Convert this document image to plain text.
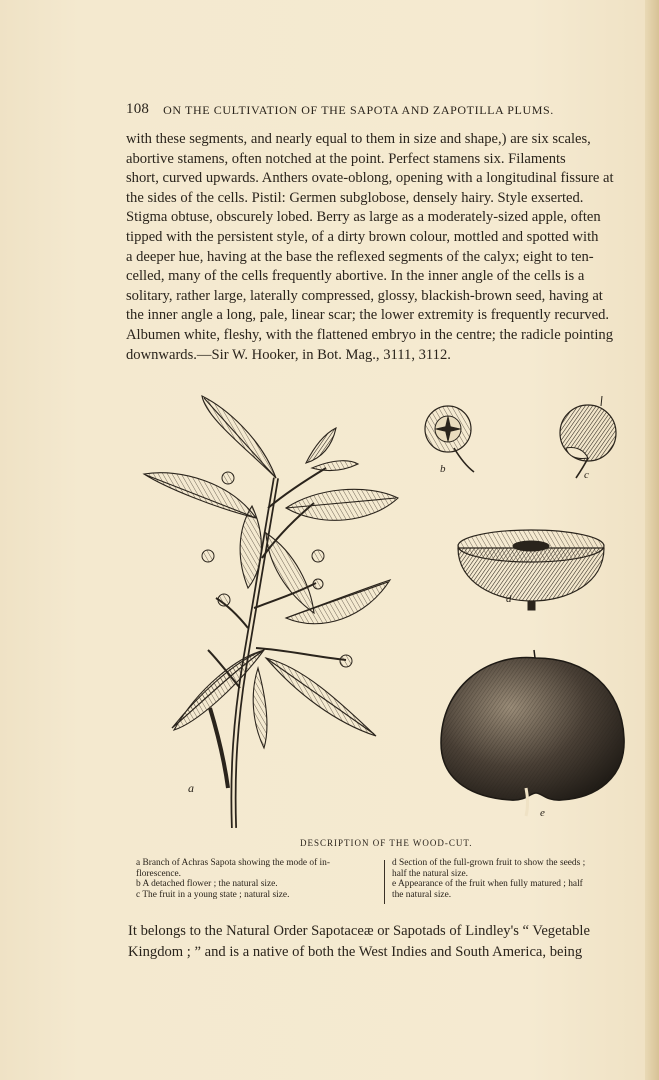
108 ON THE CULTIVATION OF THE SAPOTA AND ZAPOTILLA PLUMS.

with these segments, and nearly equal to them in size and shape,) are six scales,

abortive stamens, often notched at the point. Perfect stamens six. Filaments

short, curved upwards. Anthers ovate-oblong, opening with a longitudinal fissure at

the sides of the cells. Pistil: Germen subglobose, densely hairy. Style exserted.

Stigma obtuse, obscurely lobed. Berry as large as a moderately-sized apple, often

tipped with the persistent style, of a dirty brown colour, mottled and spotted with

a deeper hue, having at the base the reflexed segments of the calyx; eight to ten-

celled, many of the cells frequently abortive. In the inner angle of the cells is a

solitary, rather large, laterally compressed, glossy, blackish-brown seed, having at

the inner angle a long, pale, linear scar; the lower extremity is frequently recurved.

Albumen white, fleshy, with the flattened embryo in the centre; the radicle pointing

downwards.—Sir W. Hooker, in Bot. Mag., 3111, 3112.

a
b	c
d
e
DESCRIPTION OF THE WOOD-CUT.

a Branch of Achras Sapota showing the mode of in-

florescence.

b A detached flower ; the natural size.

c The fruit in a young state ; natural size.

d Section of the full-grown fruit to show the seeds ;

half the natural size.

e Appearance of the fruit when fully matured ; half

the natural size.

It belongs to the Natural Order Sapotaceæ or Sapotads of Lindley's “ Vegetable

Kingdom ; ” and is a native of both the West Indies and South America, being
